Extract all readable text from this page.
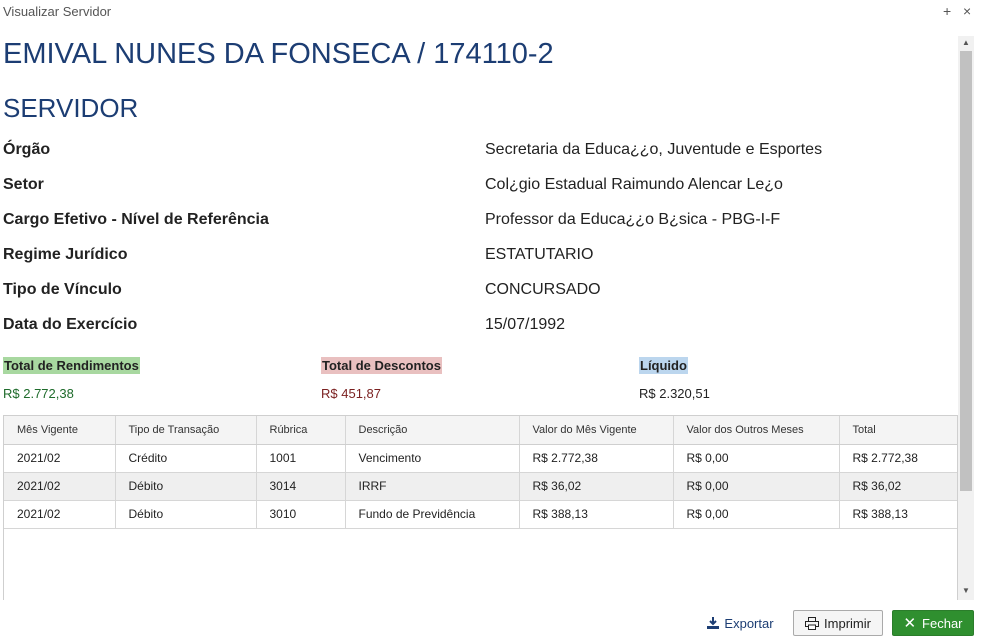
Visualizar Servidor	+ ×
EMIVAL NUNES DA FONSECA / 174110-2
SERVIDOR
Órgão	Secretaria da Educa¿¿o, Juventude e Esportes
Setor	Col¿gio Estadual Raimundo Alencar Le¿o
Cargo Efetivo - Nível de Referência	Professor da Educa¿¿o B¿sica - PBG-I-F
Regime Jurídico	ESTATUTARIO
Tipo de Vínculo	CONCURSADO
Data do Exercício	15/07/1992
Total de Rendimentos
R$ 2.772,38
Total de Descontos
R$ 451,87
Líquido
R$ 2.320,51
Mês Vigente	Tipo de Transação	Rúbrica	Descrição	Valor do Mês Vigente	Valor dos Outros Meses	Total
2021/02	Crédito	1001	Vencimento	R$ 2.772,38	R$ 0,00	R$ 2.772,38
2021/02	Débito	3014	IRRF	R$ 36,02	R$ 0,00	R$ 36,02
2021/02	Débito	3010	Fundo de Previdência	R$ 388,13	R$ 0,00	R$ 388,13
▲
▼
Exportar	Imprimir ✕ Fechar
